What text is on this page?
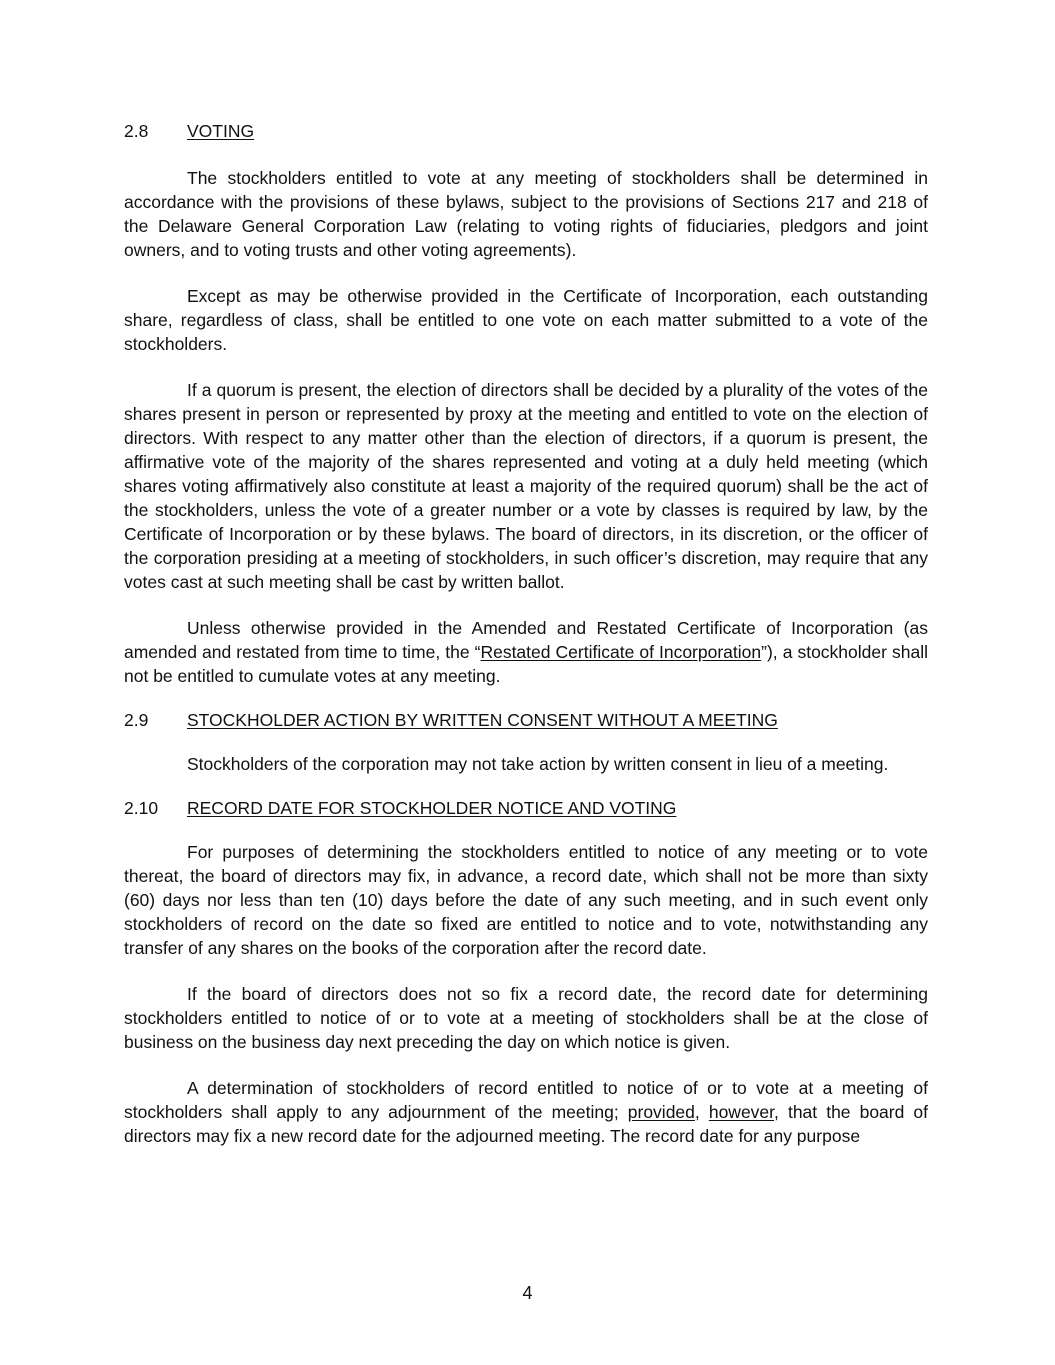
2.8	VOTING

The stockholders entitled to vote at any meeting of stockholders shall be determined in accordance with the provisions of these bylaws, subject to the provisions of Sections 217 and 218 of the Delaware General Corporation Law (relating to voting rights of fiduciaries, pledgors and joint owners, and to voting trusts and other voting agreements).

Except as may be otherwise provided in the Certificate of Incorporation, each outstanding share, regardless of class, shall be entitled to one vote on each matter submitted to a vote of the stockholders.

If a quorum is present, the election of directors shall be decided by a plurality of the votes of the shares present in person or represented by proxy at the meeting and entitled to vote on the election of directors. With respect to any matter other than the election of directors, if a quorum is present, the affirmative vote of the majority of the shares represented and voting at a duly held meeting (which shares voting affirmatively also constitute at least a majority of the required quorum) shall be the act of the stockholders, unless the vote of a greater number or a vote by classes is required by law, by the Certificate of Incorporation or by these bylaws. The board of directors, in its discretion, or the officer of the corporation presiding at a meeting of stockholders, in such officer’s discretion, may require that any votes cast at such meeting shall be cast by written ballot.

Unless otherwise provided in the Amended and Restated Certificate of Incorporation (as amended and restated from time to time, the “Restated Certificate of Incorporation”), a stockholder shall not be entitled to cumulate votes at any meeting.

2.9	STOCKHOLDER ACTION BY WRITTEN CONSENT WITHOUT A MEETING

Stockholders of the corporation may not take action by written consent in lieu of a meeting.

2.10	RECORD DATE FOR STOCKHOLDER NOTICE AND VOTING

For purposes of determining the stockholders entitled to notice of any meeting or to vote thereat, the board of directors may fix, in advance, a record date, which shall not be more than sixty (60) days nor less than ten (10) days before the date of any such meeting, and in such event only stockholders of record on the date so fixed are entitled to notice and to vote, notwithstanding any transfer of any shares on the books of the corporation after the record date.

If the board of directors does not so fix a record date, the record date for determining stockholders entitled to notice of or to vote at a meeting of stockholders shall be at the close of business on the business day next preceding the day on which notice is given.

A determination of stockholders of record entitled to notice of or to vote at a meeting of stockholders shall apply to any adjournment of the meeting; provided, however, that the board of directors may fix a new record date for the adjourned meeting. The record date for any purpose

4
